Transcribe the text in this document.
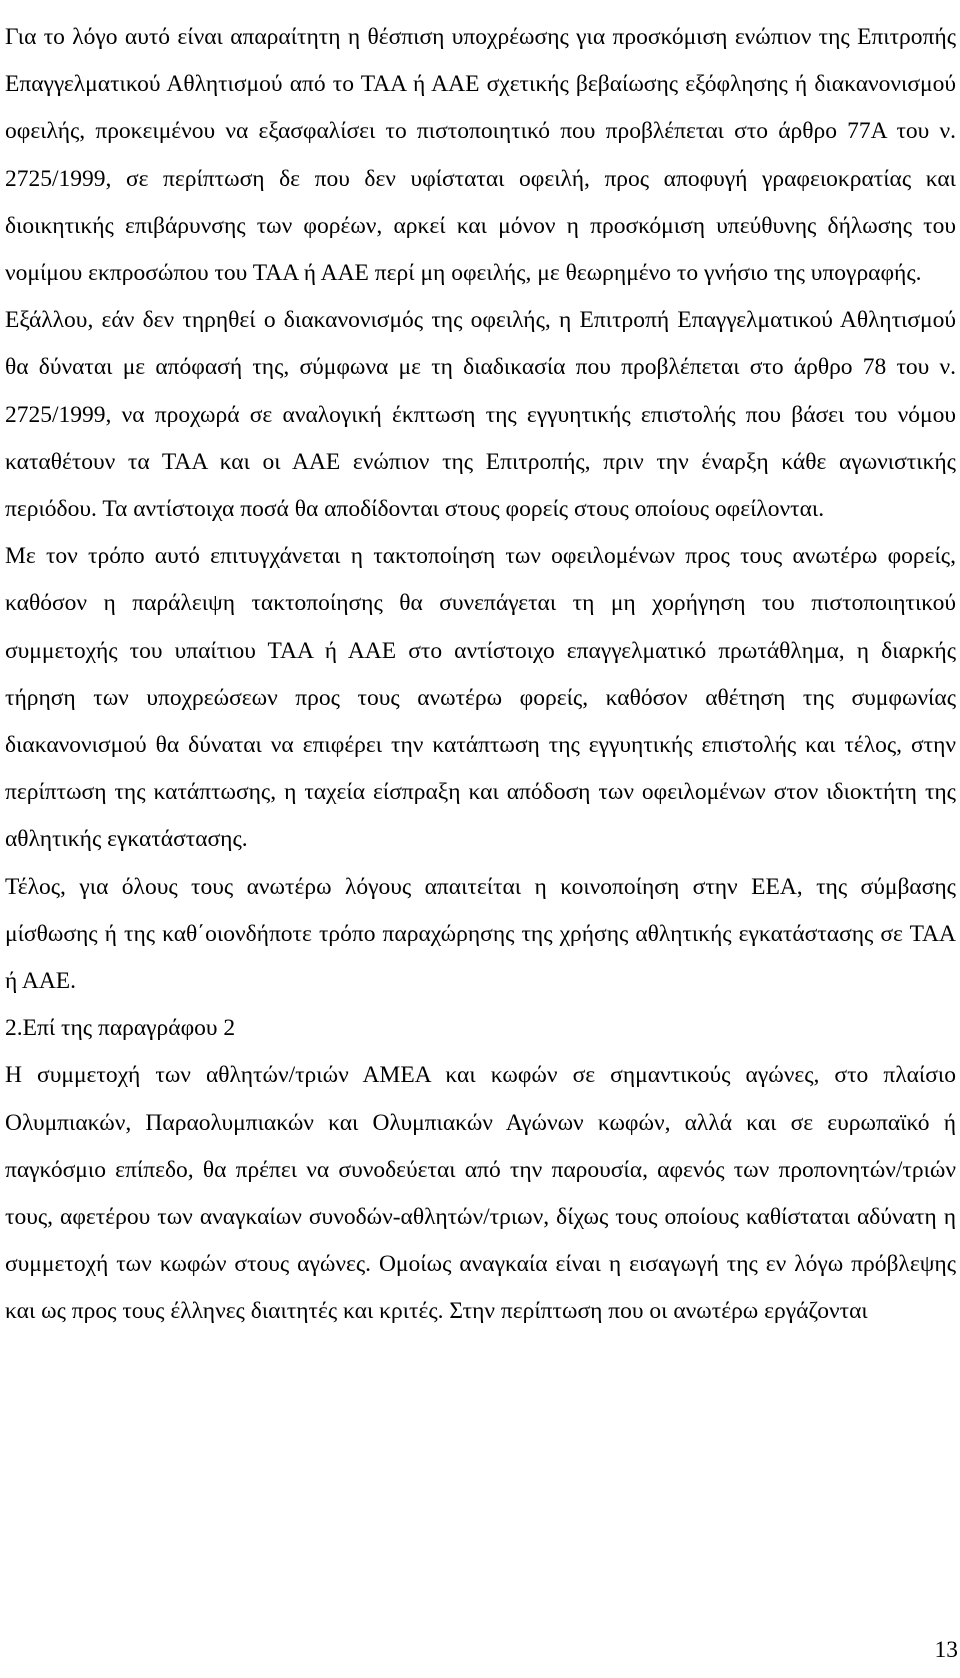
Για το λόγο αυτό είναι απαραίτητη η θέσπιση υποχρέωσης για προσκόμιση ενώπιον της Επιτροπής Επαγγελματικού Αθλητισμού από το ΤΑΑ ή ΑΑΕ σχετικής βεβαίωσης εξόφλησης ή διακανονισμού οφειλής, προκειμένου να εξασφαλίσει το πιστοποιητικό που προβλέπεται στο άρθρο 77Α του ν. 2725/1999, σε περίπτωση δε που δεν υφίσταται οφειλή, προς αποφυγή γραφειοκρατίας και διοικητικής επιβάρυνσης των φορέων, αρκεί και μόνον η προσκόμιση υπεύθυνης δήλωσης του νομίμου εκπροσώπου του ΤΑΑ ή ΑΑΕ περί μη οφειλής, με θεωρημένο το γνήσιο της υπογραφής.

Εξάλλου, εάν δεν τηρηθεί ο διακανονισμός της οφειλής, η Επιτροπή Επαγγελματικού Αθλητισμού θα δύναται με απόφασή της, σύμφωνα με τη διαδικασία που προβλέπεται στο άρθρο 78 του ν. 2725/1999, να προχωρά σε αναλογική έκπτωση της εγγυητικής επιστολής που βάσει του νόμου καταθέτουν τα ΤΑΑ και οι ΑΑΕ ενώπιον της Επιτροπής, πριν την έναρξη κάθε αγωνιστικής περιόδου. Τα αντίστοιχα ποσά θα αποδίδονται στους φορείς στους οποίους οφείλονται.

Με τον τρόπο αυτό επιτυγχάνεται η τακτοποίηση των οφειλομένων προς τους ανωτέρω φορείς, καθόσον η παράλειψη τακτοποίησης θα συνεπάγεται τη μη χορήγηση του πιστοποιητικού συμμετοχής του υπαίτιου ΤΑΑ ή ΑΑΕ στο αντίστοιχο επαγγελματικό πρωτάθλημα, η διαρκής τήρηση των υποχρεώσεων προς τους ανωτέρω φορείς, καθόσον αθέτηση της συμφωνίας διακανονισμού θα δύναται να επιφέρει την κατάπτωση της εγγυητικής επιστολής και τέλος, στην περίπτωση της κατάπτωσης, η ταχεία είσπραξη και απόδοση των οφειλομένων στον ιδιοκτήτη της αθλητικής εγκατάστασης.

Τέλος, για όλους τους ανωτέρω λόγους απαιτείται η κοινοποίηση στην ΕΕΑ, της σύμβασης μίσθωσης ή της καθ΄οιονδήποτε τρόπο παραχώρησης της χρήσης αθλητικής εγκατάστασης σε ΤΑΑ ή ΑΑΕ.

2.Επί της παραγράφου 2

Η συμμετοχή των αθλητών/τριών ΑΜΕΑ και κωφών σε σημαντικούς αγώνες, στο πλαίσιο Ολυμπιακών, Παραολυμπιακών και Ολυμπιακών Αγώνων κωφών, αλλά και σε ευρωπαϊκό ή παγκόσμιο επίπεδο, θα πρέπει να συνοδεύεται από την παρουσία, αφενός των προπονητών/τριών τους, αφετέρου των αναγκαίων συνοδών-αθλητών/τριων, δίχως τους οποίους καθίσταται αδύνατη η συμμετοχή των κωφών στους αγώνες. Ομοίως αναγκαία είναι η εισαγωγή της εν λόγω πρόβλεψης και ως προς τους έλληνες διαιτητές και κριτές. Στην περίπτωση που οι ανωτέρω εργάζονται

13
